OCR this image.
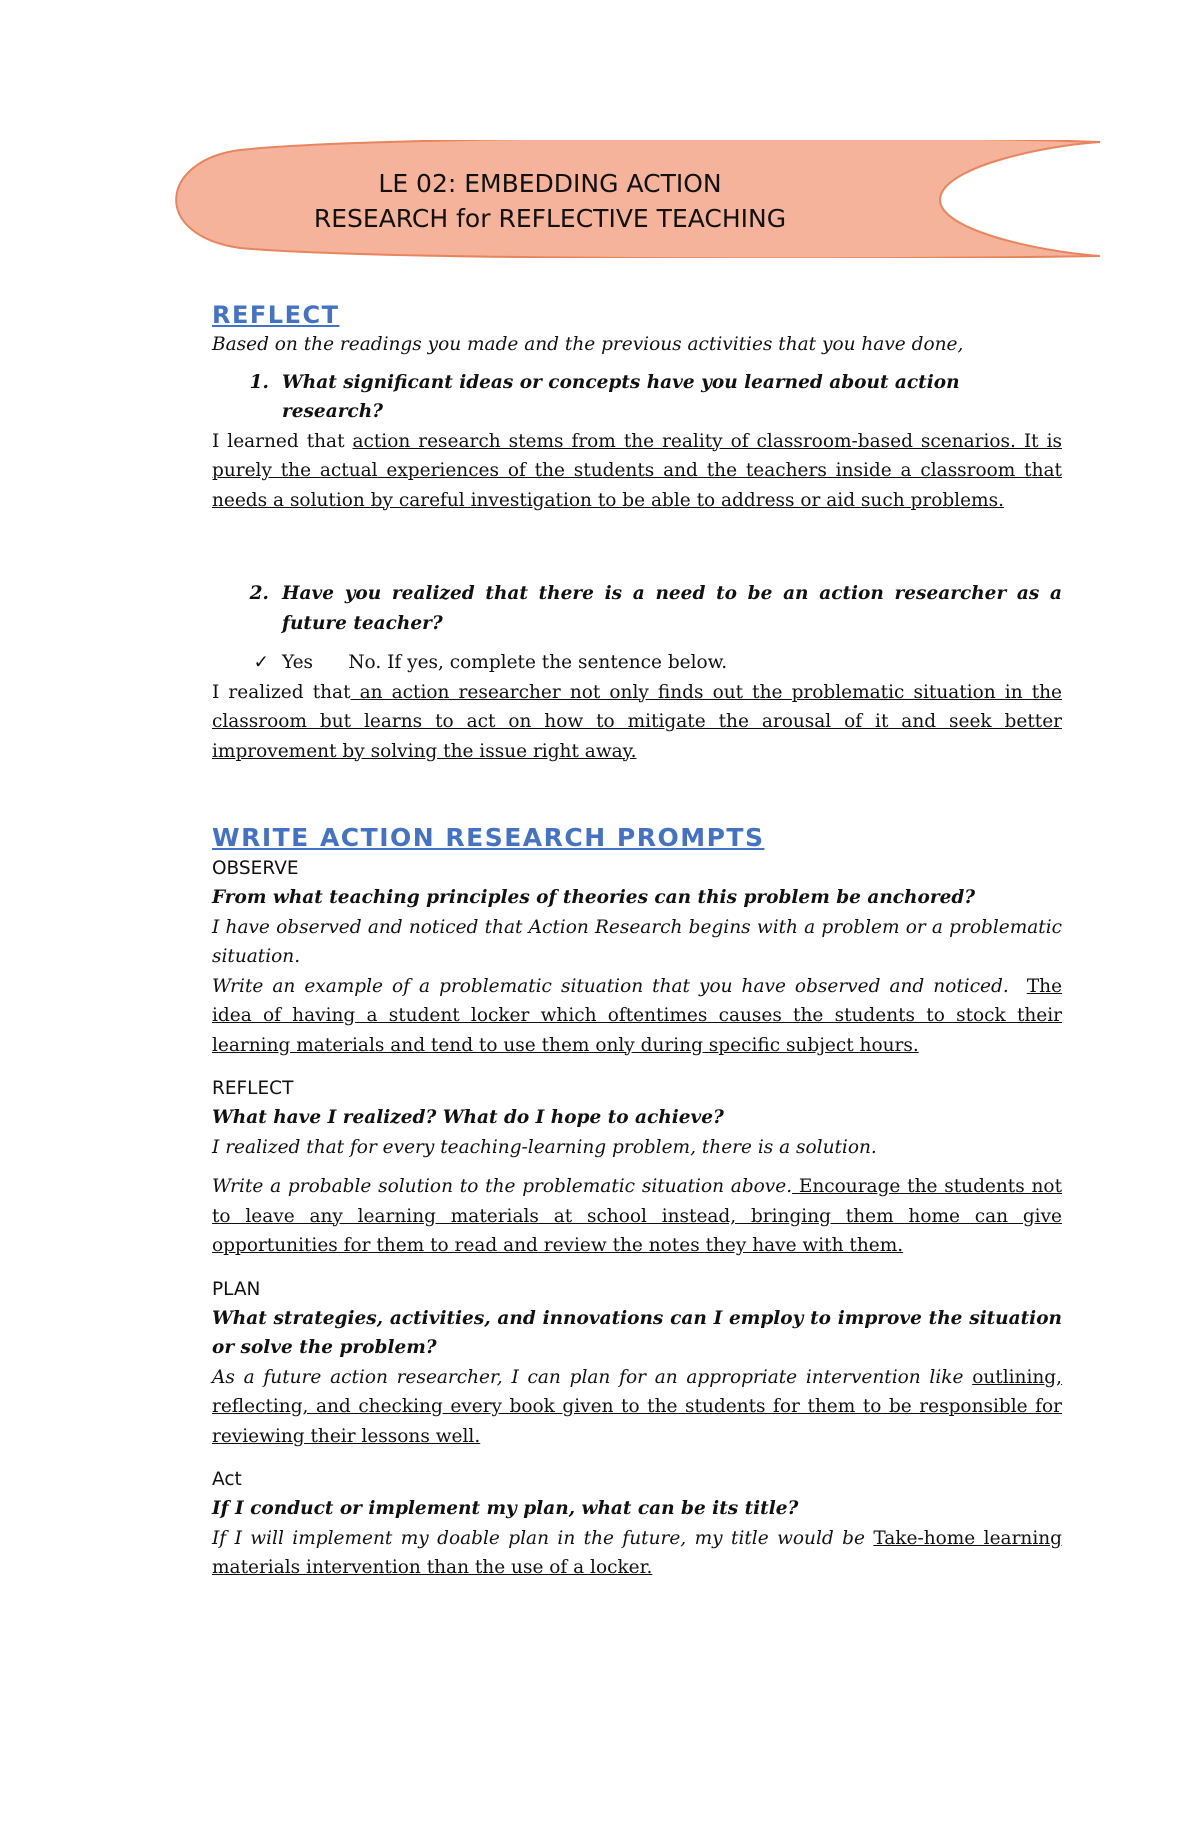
LE 02: EMBEDDING ACTION
RESEARCH for REFLECTIVE TEACHING
REFLECT

Based on the readings you made and the previous activities that you have done,

1. What significant ideas or concepts have you learned about action research?

I learned that action research stems from the reality of classroom-based scenarios. It is purely the actual experiences of the students and the teachers inside a classroom that needs a solution by careful investigation to be able to address or aid such problems.

2. Have you realized that there is a need to be an action researcher as a future teacher?
✓ Yes      No. If yes, complete the sentence below.

I realized that an action researcher not only finds out the problematic situation in the classroom but learns to act on how to mitigate the arousal of it and seek better improvement by solving the issue right away.

WRITE ACTION RESEARCH PROMPTS
OBSERVE

From what teaching principles of theories can this problem be anchored?

I have observed and noticed that Action Research begins with a problem or a problematic situation.

Write an example of a problematic situation that you have observed and noticed. The idea of having a student locker which oftentimes causes the students to stock their learning materials and tend to use them only during specific subject hours.

REFLECT

What have I realized? What do I hope to achieve?

I realized that for every teaching-learning problem, there is a solution.

Write a probable solution to the problematic situation above. Encourage the students not to leave any learning materials at school instead, bringing them home can give opportunities for them to read and review the notes they have with them.

PLAN

What strategies, activities, and innovations can I employ to improve the situation or solve the problem?

As a future action researcher, I can plan for an appropriate intervention like outlining, reflecting, and checking every book given to the students for them to be responsible for reviewing their lessons well.

Act

If I conduct or implement my plan, what can be its title?

If I will implement my doable plan in the future, my title would be Take-home learning materials intervention than the use of a locker.
